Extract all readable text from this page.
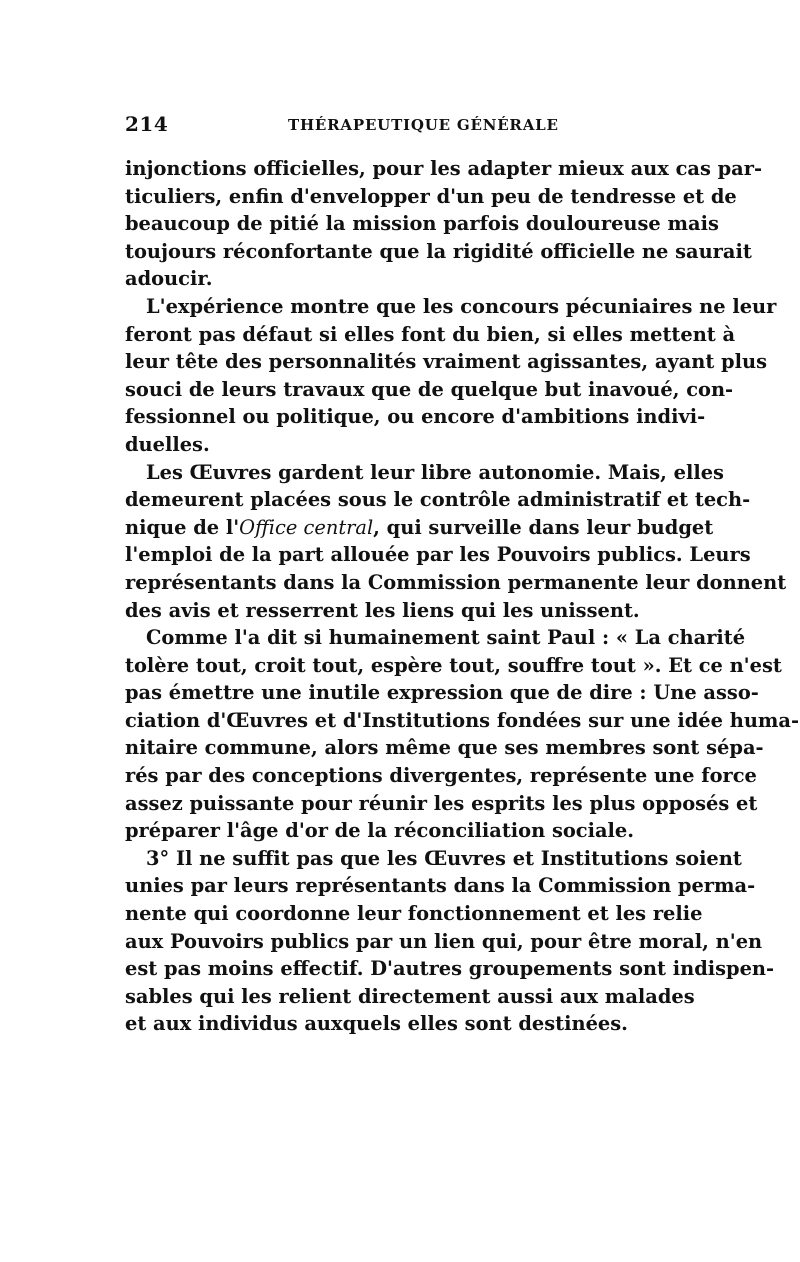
214	THÉRAPEUTIQUE GÉNÉRALE
injonctions officielles, pour les adapter mieux aux cas par-
ticuliers, enfin d'envelopper d'un peu de tendresse et de
beaucoup de pitié la mission parfois douloureuse mais
toujours réconfortante que la rigidité officielle ne saurait
adoucir.
L'expérience montre que les concours pécuniaires ne leur
feront pas défaut si elles font du bien, si elles mettent à
leur tête des personnalités vraiment agissantes, ayant plus
souci de leurs travaux que de quelque but inavoué, con-
fessionnel ou politique, ou encore d'ambitions indivi-
duelles.
Les Œuvres gardent leur libre autonomie. Mais, elles
demeurent placées sous le contrôle administratif et tech-
nique de l'Office central, qui surveille dans leur budget
l'emploi de la part allouée par les Pouvoirs publics. Leurs
représentants dans la Commission permanente leur donnent
des avis et resserrent les liens qui les unissent.
Comme l'a dit si humainement saint Paul : « La charité
tolère tout, croit tout, espère tout, souffre tout ». Et ce n'est
pas émettre une inutile expression que de dire : Une asso-
ciation d'Œuvres et d'Institutions fondées sur une idée huma-
nitaire commune, alors même que ses membres sont sépa-
rés par des conceptions divergentes, représente une force
assez puissante pour réunir les esprits les plus opposés et
préparer l'âge d'or de la réconciliation sociale.
3° Il ne suffit pas que les Œuvres et Institutions soient
unies par leurs représentants dans la Commission perma-
nente qui coordonne leur fonctionnement et les relie
aux Pouvoirs publics par un lien qui, pour être moral, n'en
est pas moins effectif. D'autres groupements sont indispen-
sables qui les relient directement aussi aux malades
et aux individus auxquels elles sont destinées.
